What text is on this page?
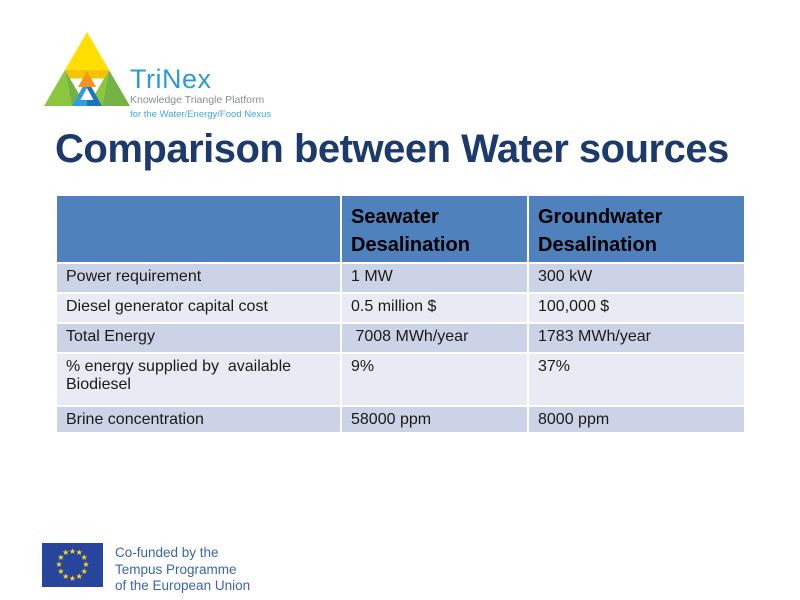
TriNex
Knowledge Triangle Platform
for the Water/Energy/Food Nexus
Comparison between Water sources
	Seawater Desalination	Groundwater Desalination
Power requirement	1 MW	300 kW
Diesel generator capital cost	0.5 million $	100,000 $
Total Energy	7008 MWh/year	1783 MWh/year
% energy supplied by  available Biodiesel	9%	37%
Brine concentration	58000 ppm	8000 ppm
★ ★
★
★
★
★
★
★
★
★
★
★	Co-funded by the
Tempus Programme
of the European Union
